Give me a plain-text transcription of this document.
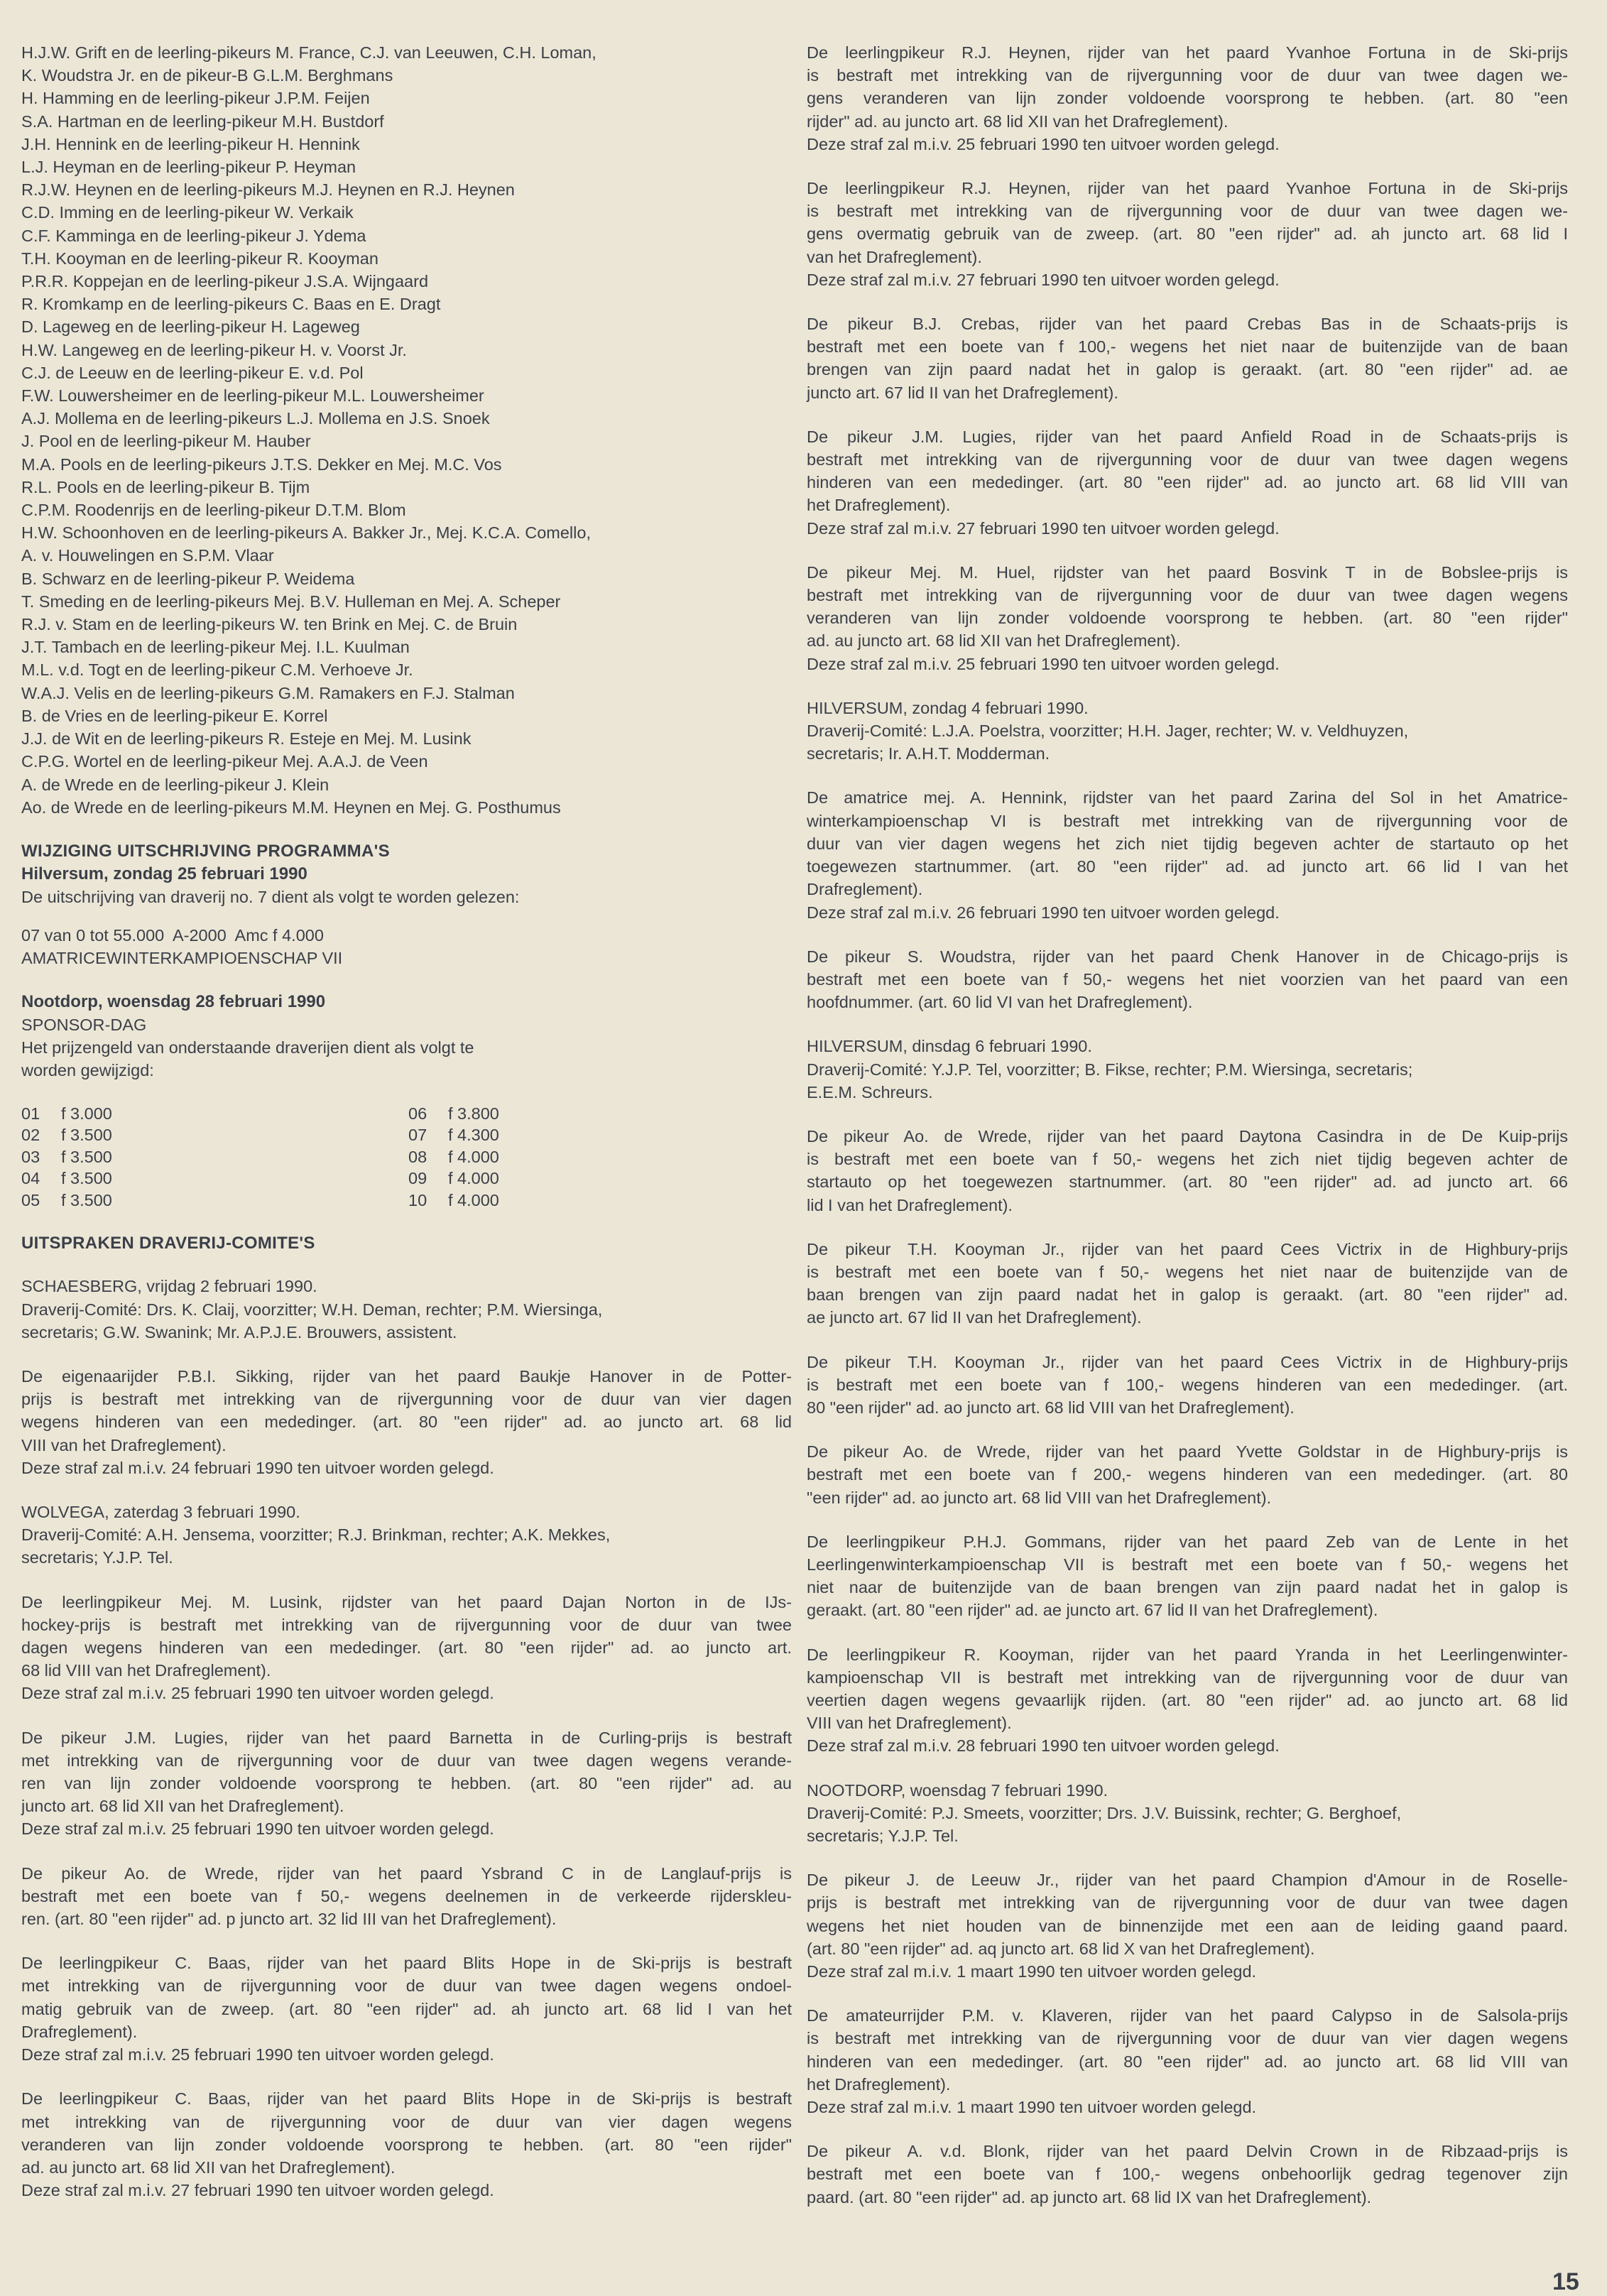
H.J.W. Grift en de leerling-pikeurs M. France, C.J. van Leeuwen, C.H. Loman,
K. Woudstra Jr. en de pikeur-B G.L.M. Berghmans
H. Hamming en de leerling-pikeur J.P.M. Feijen
S.A. Hartman en de leerling-pikeur M.H. Bustdorf
J.H. Hennink en de leerling-pikeur H. Hennink
L.J. Heyman en de leerling-pikeur P. Heyman
R.J.W. Heynen en de leerling-pikeurs M.J. Heynen en R.J. Heynen
C.D. Imming en de leerling-pikeur W. Verkaik
C.F. Kamminga en de leerling-pikeur J. Ydema
T.H. Kooyman en de leerling-pikeur R. Kooyman
P.R.R. Koppejan en de leerling-pikeur J.S.A. Wijngaard
R. Kromkamp en de leerling-pikeurs C. Baas en E. Dragt
D. Lageweg en de leerling-pikeur H. Lageweg
H.W. Langeweg en de leerling-pikeur H. v. Voorst Jr.
C.J. de Leeuw en de leerling-pikeur E. v.d. Pol
F.W. Louwersheimer en de leerling-pikeur M.L. Louwersheimer
A.J. Mollema en de leerling-pikeurs L.J. Mollema en J.S. Snoek
J. Pool en de leerling-pikeur M. Hauber
M.A. Pools en de leerling-pikeurs J.T.S. Dekker en Mej. M.C. Vos
R.L. Pools en de leerling-pikeur B. Tijm
C.P.M. Roodenrijs en de leerling-pikeur D.T.M. Blom
H.W. Schoonhoven en de leerling-pikeurs A. Bakker Jr., Mej. K.C.A. Comello,
A. v. Houwelingen en S.P.M. Vlaar
B. Schwarz en de leerling-pikeur P. Weidema
T. Smeding en de leerling-pikeurs Mej. B.V. Hulleman en Mej. A. Scheper
R.J. v. Stam en de leerling-pikeurs W. ten Brink en Mej. C. de Bruin
J.T. Tambach en de leerling-pikeur Mej. I.L. Kuulman
M.L. v.d. Togt en de leerling-pikeur C.M. Verhoeve Jr.
W.A.J. Velis en de leerling-pikeurs G.M. Ramakers en F.J. Stalman
B. de Vries en de leerling-pikeur E. Korrel
J.J. de Wit en de leerling-pikeurs R. Esteje en Mej. M. Lusink
C.P.G. Wortel en de leerling-pikeur Mej. A.A.J. de Veen
A. de Wrede en de leerling-pikeur J. Klein
Ao. de Wrede en de leerling-pikeurs M.M. Heynen en Mej. G. Posthumus
WIJZIGING UITSCHRIJVING PROGRAMMA'S
Hilversum, zondag 25 februari 1990
De uitschrijving van draverij no. 7 dient als volgt te worden gelezen:
07 van 0 tot 55.000  A-2000  Amc f 4.000
AMATRICEWINTERKAMPIOENSCHAP VII
Nootdorp, woensdag 28 februari 1990
SPONSOR-DAG
Het prijzengeld van onderstaande draverijen dient als volgt te
worden gewijzigd:
01	f 3.000
02	f 3.500
03	f 3.500
04	f 3.500
05	f 3.500
06	f 3.800
07	f 4.300
08	f 4.000
09	f 4.000
10	f 4.000
UITSPRAKEN DRAVERIJ-COMITE'S
SCHAESBERG, vrijdag 2 februari 1990.
Draverij-Comité: Drs. K. Claij, voorzitter; W.H. Deman, rechter; P.M. Wiersinga,
secretaris; G.W. Swanink; Mr. A.P.J.E. Brouwers, assistent.
De eigenaarijder P.B.I. Sikking, rijder van het paard Baukje Hanover in de Potter-
prijs is bestraft met intrekking van de rijvergunning voor de duur van vier dagen
wegens hinderen van een mededinger. (art. 80 "een rijder" ad. ao juncto art. 68 lid
VIII van het Drafreglement).
Deze straf zal m.i.v. 24 februari 1990 ten uitvoer worden gelegd.
WOLVEGA, zaterdag 3 februari 1990.
Draverij-Comité: A.H. Jensema, voorzitter; R.J. Brinkman, rechter; A.K. Mekkes,
secretaris; Y.J.P. Tel.
De leerlingpikeur Mej. M. Lusink, rijdster van het paard Dajan Norton in de IJs-
hockey-prijs is bestraft met intrekking van de rijvergunning voor de duur van twee
dagen wegens hinderen van een mededinger. (art. 80 "een rijder" ad. ao juncto art.
68 lid VIII van het Drafreglement).
Deze straf zal m.i.v. 25 februari 1990 ten uitvoer worden gelegd.
De pikeur J.M. Lugies, rijder van het paard Barnetta in de Curling-prijs is bestraft
met intrekking van de rijvergunning voor de duur van twee dagen wegens verande-
ren van lijn zonder voldoende voorsprong te hebben. (art. 80 "een rijder" ad. au
juncto art. 68 lid XII van het Drafreglement).
Deze straf zal m.i.v. 25 februari 1990 ten uitvoer worden gelegd.
De pikeur Ao. de Wrede, rijder van het paard Ysbrand C in de Langlauf-prijs is
bestraft met een boete van f 50,- wegens deelnemen in de verkeerde rijderskleu-
ren. (art. 80 "een rijder" ad. p juncto art. 32 lid III van het Drafreglement).
De leerlingpikeur C. Baas, rijder van het paard Blits Hope in de Ski-prijs is bestraft
met intrekking van de rijvergunning voor de duur van twee dagen wegens ondoel-
matig gebruik van de zweep. (art. 80 "een rijder" ad. ah juncto art. 68 lid I van het
Drafreglement).
Deze straf zal m.i.v. 25 februari 1990 ten uitvoer worden gelegd.
De leerlingpikeur C. Baas, rijder van het paard Blits Hope in de Ski-prijs is bestraft
met intrekking van de rijvergunning voor de duur van vier dagen wegens
veranderen van lijn zonder voldoende voorsprong te hebben. (art. 80 "een rijder"
ad. au juncto art. 68 lid XII van het Drafreglement).
Deze straf zal m.i.v. 27 februari 1990 ten uitvoer worden gelegd.
De leerlingpikeur R.J. Heynen, rijder van het paard Yvanhoe Fortuna in de Ski-prijs
is bestraft met intrekking van de rijvergunning voor de duur van twee dagen we-
gens veranderen van lijn zonder voldoende voorsprong te hebben. (art. 80 "een
rijder" ad. au juncto art. 68 lid XII van het Drafreglement).
Deze straf zal m.i.v. 25 februari 1990 ten uitvoer worden gelegd.
De leerlingpikeur R.J. Heynen, rijder van het paard Yvanhoe Fortuna in de Ski-prijs
is bestraft met intrekking van de rijvergunning voor de duur van twee dagen we-
gens overmatig gebruik van de zweep. (art. 80 "een rijder" ad. ah juncto art. 68 lid I
van het Drafreglement).
Deze straf zal m.i.v. 27 februari 1990 ten uitvoer worden gelegd.
De pikeur B.J. Crebas, rijder van het paard Crebas Bas in de Schaats-prijs is
bestraft met een boete van f 100,- wegens het niet naar de buitenzijde van de baan
brengen van zijn paard nadat het in galop is geraakt. (art. 80 "een rijder" ad. ae
juncto art. 67 lid II van het Drafreglement).
De pikeur J.M. Lugies, rijder van het paard Anfield Road in de Schaats-prijs is
bestraft met intrekking van de rijvergunning voor de duur van twee dagen wegens
hinderen van een mededinger. (art. 80 "een rijder" ad. ao juncto art. 68 lid VIII van
het Drafreglement).
Deze straf zal m.i.v. 27 februari 1990 ten uitvoer worden gelegd.
De pikeur Mej. M. Huel, rijdster van het paard Bosvink T in de Bobslee-prijs is
bestraft met intrekking van de rijvergunning voor de duur van twee dagen wegens
veranderen van lijn zonder voldoende voorsprong te hebben. (art. 80 "een rijder"
ad. au juncto art. 68 lid XII van het Drafreglement).
Deze straf zal m.i.v. 25 februari 1990 ten uitvoer worden gelegd.
HILVERSUM, zondag 4 februari 1990.
Draverij-Comité: L.J.A. Poelstra, voorzitter; H.H. Jager, rechter; W. v. Veldhuyzen,
secretaris; Ir. A.H.T. Modderman.
De amatrice mej. A. Hennink, rijdster van het paard Zarina del Sol in het Amatrice-
winterkampioenschap VI is bestraft met intrekking van de rijvergunning voor de
duur van vier dagen wegens het zich niet tijdig begeven achter de startauto op het
toegewezen startnummer. (art. 80 "een rijder" ad. ad juncto art. 66 lid I van het
Drafreglement).
Deze straf zal m.i.v. 26 februari 1990 ten uitvoer worden gelegd.
De pikeur S. Woudstra, rijder van het paard Chenk Hanover in de Chicago-prijs is
bestraft met een boete van f 50,- wegens het niet voorzien van het paard van een
hoofdnummer. (art. 60 lid VI van het Drafreglement).
HILVERSUM, dinsdag 6 februari 1990.
Draverij-Comité: Y.J.P. Tel, voorzitter; B. Fikse, rechter; P.M. Wiersinga, secretaris;
E.E.M. Schreurs.
De pikeur Ao. de Wrede, rijder van het paard Daytona Casindra in de De Kuip-prijs
is bestraft met een boete van f 50,- wegens het zich niet tijdig begeven achter de
startauto op het toegewezen startnummer. (art. 80 "een rijder" ad. ad juncto art. 66
lid I van het Drafreglement).
De pikeur T.H. Kooyman Jr., rijder van het paard Cees Victrix in de Highbury-prijs
is bestraft met een boete van f 50,- wegens het niet naar de buitenzijde van de
baan brengen van zijn paard nadat het in galop is geraakt. (art. 80 "een rijder" ad.
ae juncto art. 67 lid II van het Drafreglement).
De pikeur T.H. Kooyman Jr., rijder van het paard Cees Victrix in de Highbury-prijs
is bestraft met een boete van f 100,- wegens hinderen van een mededinger. (art.
80 "een rijder" ad. ao juncto art. 68 lid VIII van het Drafreglement).
De pikeur Ao. de Wrede, rijder van het paard Yvette Goldstar in de Highbury-prijs is
bestraft met een boete van f 200,- wegens hinderen van een mededinger. (art. 80
"een rijder" ad. ao juncto art. 68 lid VIII van het Drafreglement).
De leerlingpikeur P.H.J. Gommans, rijder van het paard Zeb van de Lente in het
Leerlingenwinterkampioenschap VII is bestraft met een boete van f 50,- wegens het
niet naar de buitenzijde van de baan brengen van zijn paard nadat het in galop is
geraakt. (art. 80 "een rijder" ad. ae juncto art. 67 lid II van het Drafreglement).
De leerlingpikeur R. Kooyman, rijder van het paard Yranda in het Leerlingenwinter-
kampioenschap VII is bestraft met intrekking van de rijvergunning voor de duur van
veertien dagen wegens gevaarlijk rijden. (art. 80 "een rijder" ad. ao juncto art. 68 lid
VIII van het Drafreglement).
Deze straf zal m.i.v. 28 februari 1990 ten uitvoer worden gelegd.
NOOTDORP, woensdag 7 februari 1990.
Draverij-Comité: P.J. Smeets, voorzitter; Drs. J.V. Buissink, rechter; G. Berghoef,
secretaris; Y.J.P. Tel.
De pikeur J. de Leeuw Jr., rijder van het paard Champion d'Amour in de Roselle-
prijs is bestraft met intrekking van de rijvergunning voor de duur van twee dagen
wegens het niet houden van de binnenzijde met een aan de leiding gaand paard.
(art. 80 "een rijder" ad. aq juncto art. 68 lid X van het Drafreglement).
Deze straf zal m.i.v. 1 maart 1990 ten uitvoer worden gelegd.
De amateurrijder P.M. v. Klaveren, rijder van het paard Calypso in de Salsola-prijs
is bestraft met intrekking van de rijvergunning voor de duur van vier dagen wegens
hinderen van een mededinger. (art. 80 "een rijder" ad. ao juncto art. 68 lid VIII van
het Drafreglement).
Deze straf zal m.i.v. 1 maart 1990 ten uitvoer worden gelegd.
De pikeur A. v.d. Blonk, rijder van het paard Delvin Crown in de Ribzaad-prijs is
bestraft met een boete van f 100,- wegens onbehoorlijk gedrag tegenover zijn
paard. (art. 80 "een rijder" ad. ap juncto art. 68 lid IX van het Drafreglement).
15
